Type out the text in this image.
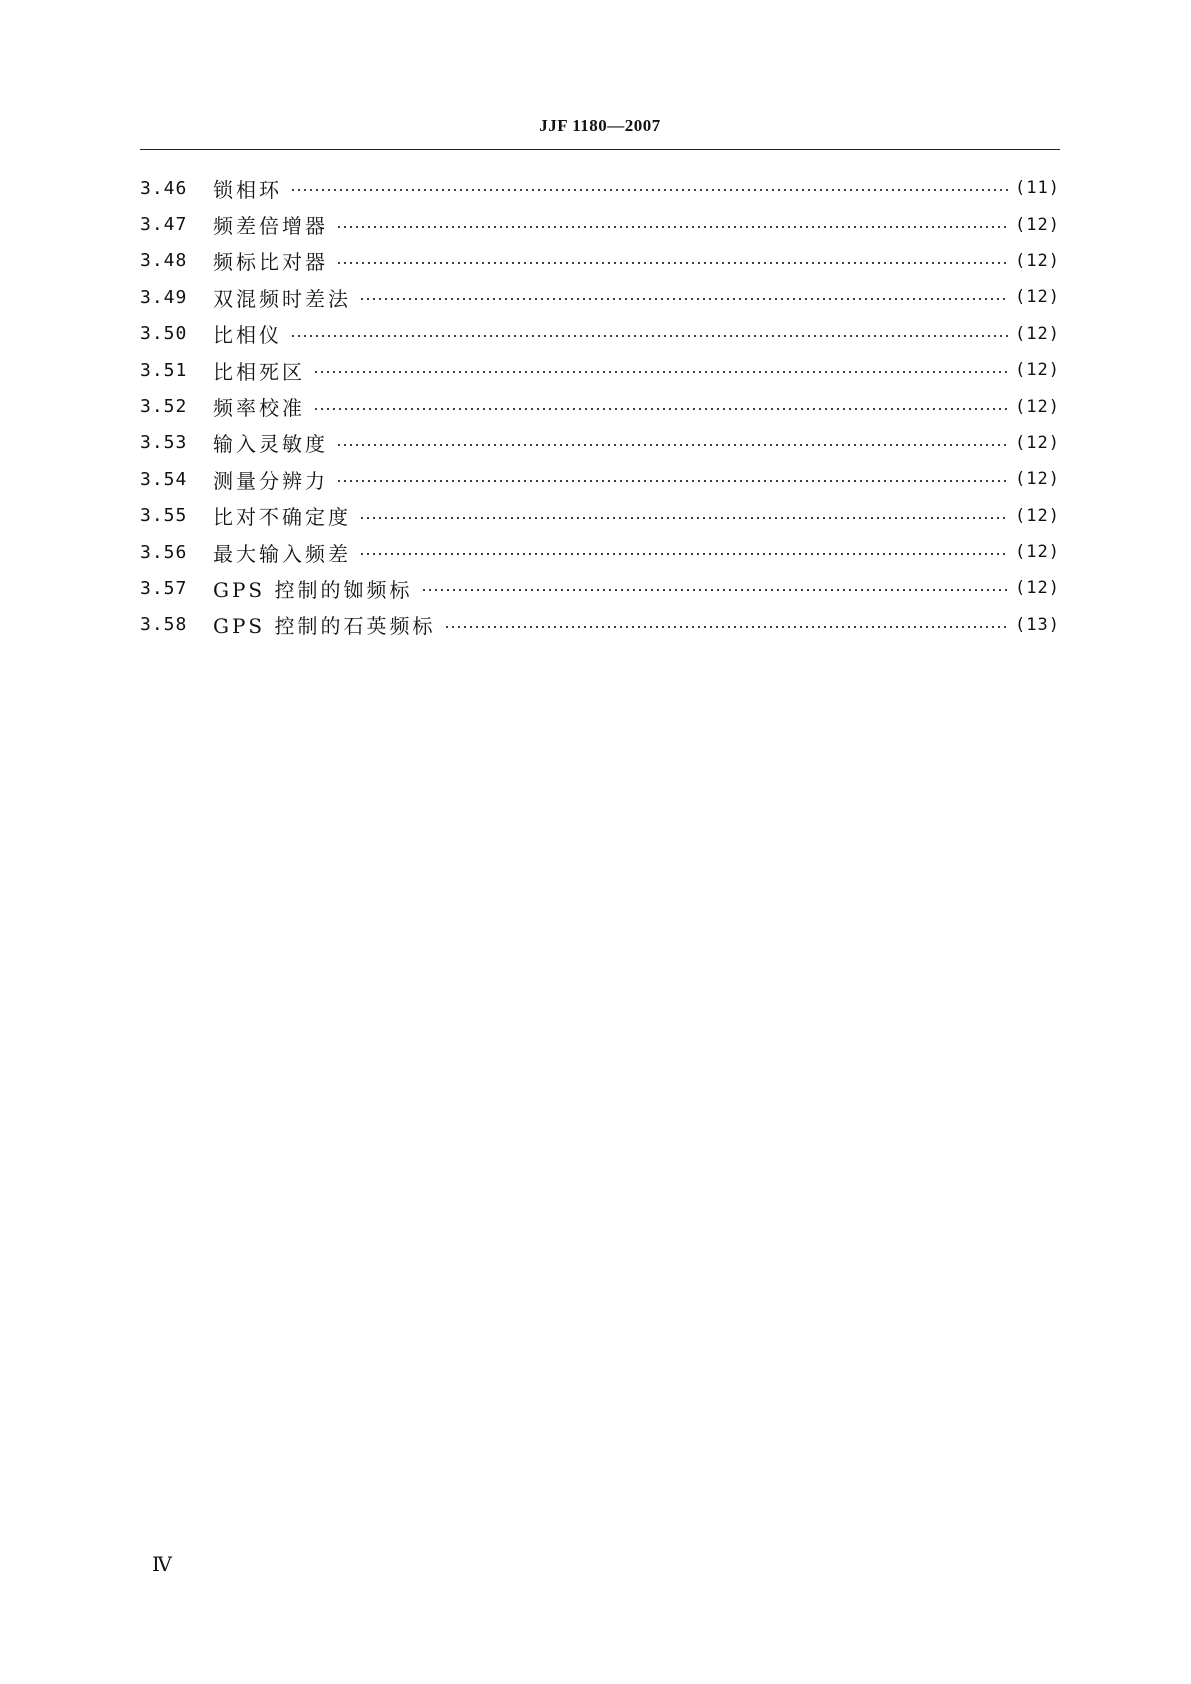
JJF 1180—2007
3.46	锁相环	(11)
3.47	频差倍增器	(12)
3.48	频标比对器	(12)
3.49	双混频时差法	(12)
3.50	比相仪	(12)
3.51	比相死区	(12)
3.52	频率校准	(12)
3.53	输入灵敏度	(12)
3.54	测量分辨力	(12)
3.55	比对不确定度	(12)
3.56	最大输入频差	(12)
3.57	GPS 控制的铷频标	(12)
3.58	GPS 控制的石英频标	(13)
Ⅳ
